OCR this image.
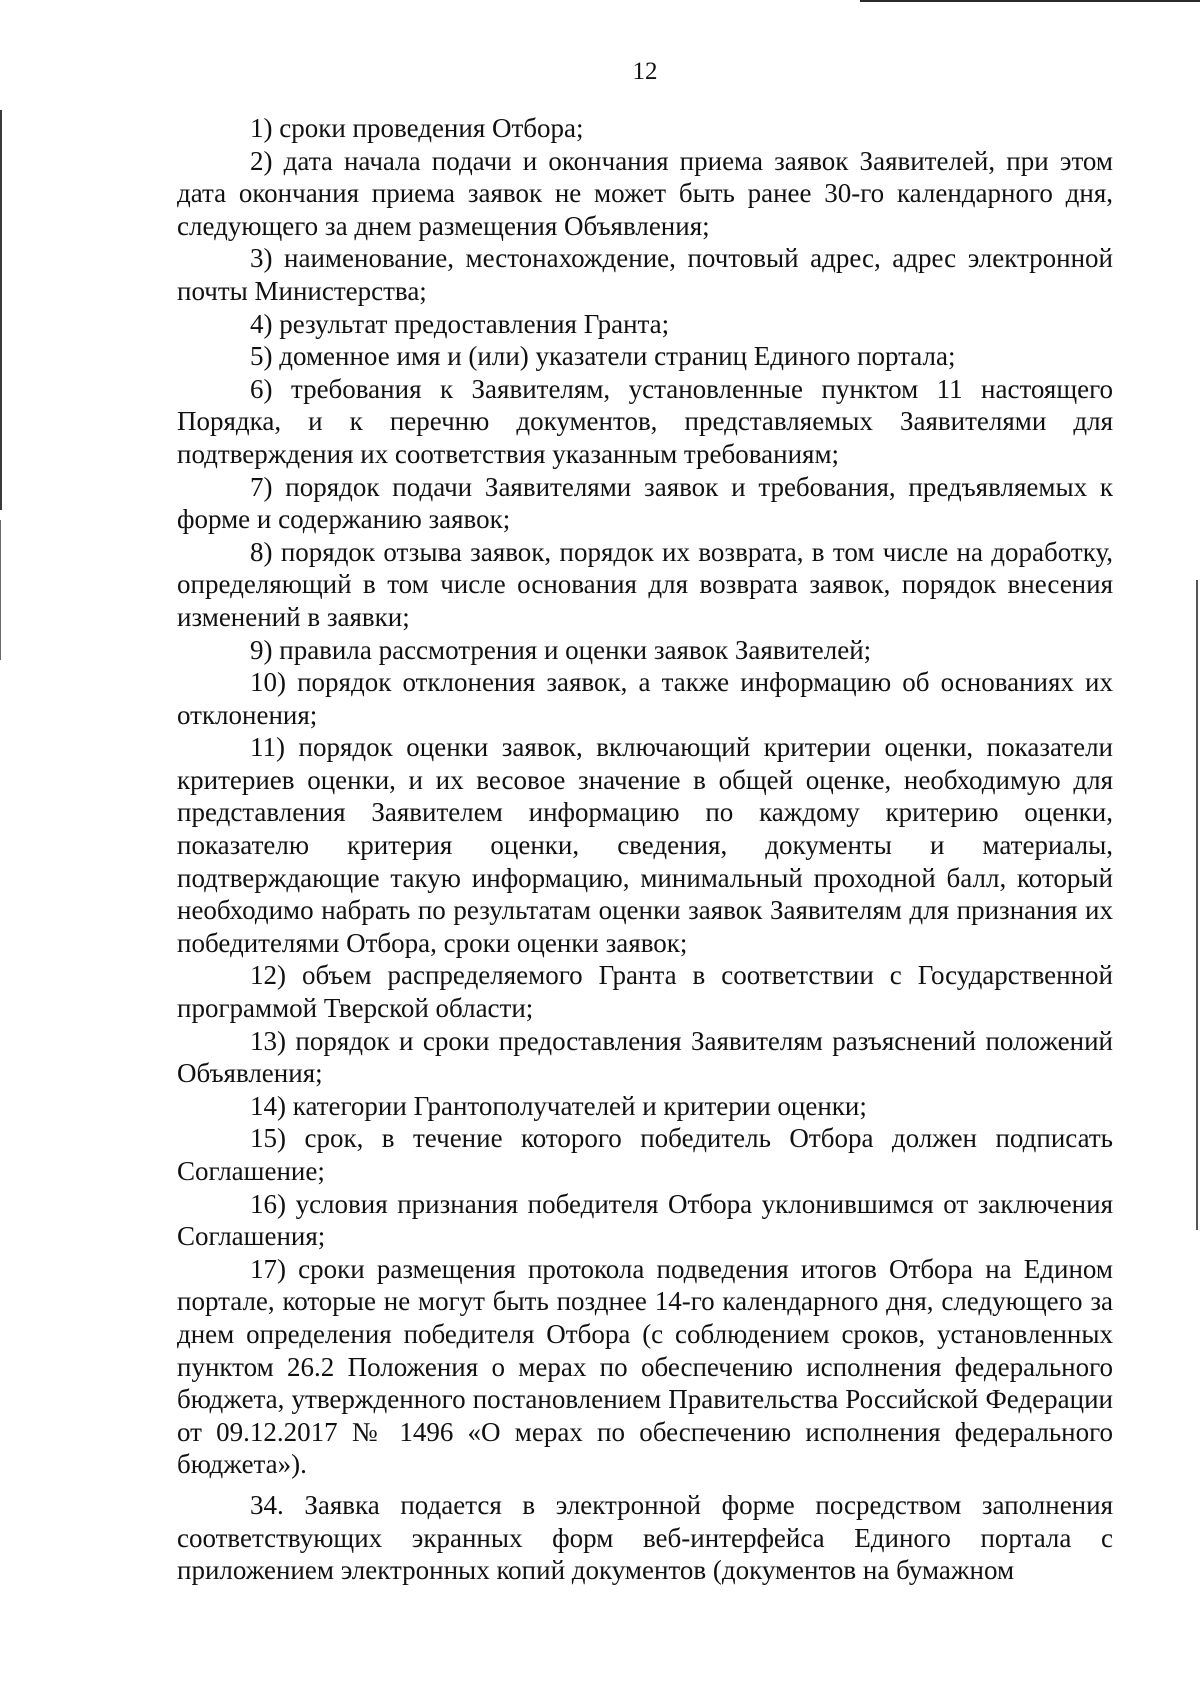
12

1) сроки проведения Отбора;

2) дата начала подачи и окончания приема заявок Заявителей, при этом дата окончания приема заявок не может быть ранее 30-го календарного дня, следующего за днем размещения Объявления;

3) наименование, местонахождение, почтовый адрес, адрес электронной почты Министерства;

4) результат предоставления Гранта;

5) доменное имя и (или) указатели страниц Единого портала;

6) требования к Заявителям, установленные пунктом 11 настоящего Порядка, и к перечню документов, представляемых Заявителями для подтверждения их соответствия указанным требованиям;

7) порядок подачи Заявителями заявок и требования, предъявляемых к форме и содержанию заявок;

8) порядок отзыва заявок, порядок их возврата, в том числе на доработку, определяющий в том числе основания для возврата заявок, порядок внесения изменений в заявки;

9) правила рассмотрения и оценки заявок Заявителей;

10) порядок отклонения заявок, а также информацию об основаниях их отклонения;

11) порядок оценки заявок, включающий критерии оценки, показатели критериев оценки, и их весовое значение в общей оценке, необходимую для представления Заявителем информацию по каждому критерию оценки, показателю критерия оценки, сведения, документы и материалы, подтверждающие такую информацию, минимальный проходной балл, который необходимо набрать по результатам оценки заявок Заявителям для признания их победителями Отбора, сроки оценки заявок;

12) объем распределяемого Гранта в соответствии с Государственной программой Тверской области;

13) порядок и сроки предоставления Заявителям разъяснений положений Объявления;

14) категории Грантополучателей и критерии оценки;

15) срок, в течение которого победитель Отбора должен подписать Соглашение;

16) условия признания победителя Отбора уклонившимся от заключения Соглашения;

17) сроки размещения протокола подведения итогов Отбора на Едином портале, которые не могут быть позднее 14-го календарного дня, следующего за днем определения победителя Отбора (с соблюдением сроков, установленных пунктом 26.2 Положения о мерах по обеспечению исполнения федерального бюджета, утвержденного постановлением Правительства Российской Федерации от 09.12.2017 № 1496 «О мерах по обеспечению исполнения федерального бюджета»).

34. Заявка подается в электронной форме посредством заполнения соответствующих экранных форм веб-интерфейса Единого портала с приложением электронных копий документов (документов на бумажном
